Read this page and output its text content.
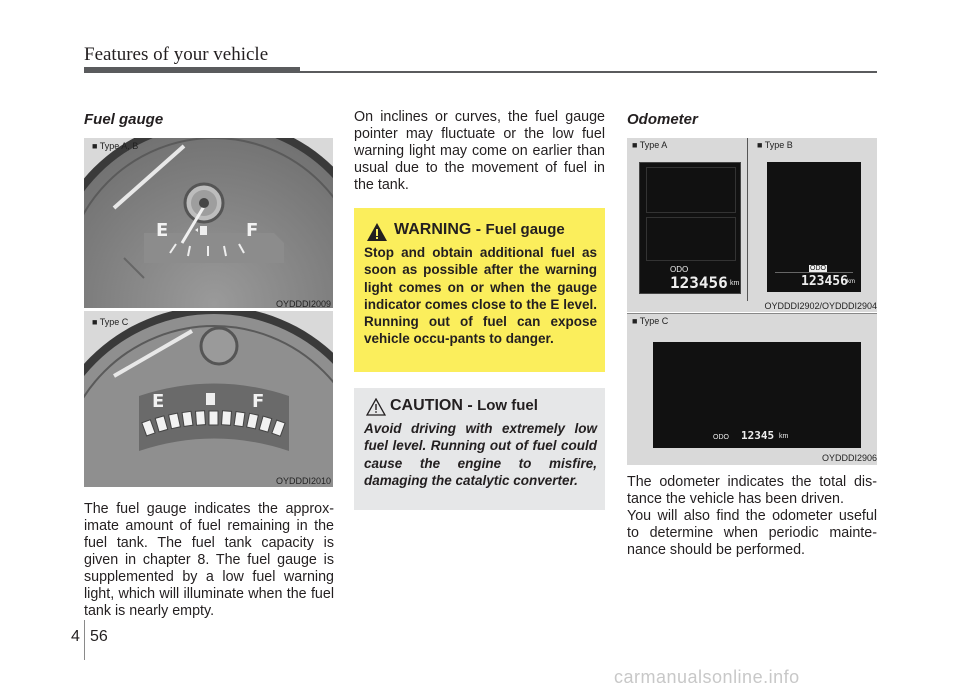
Features of your vehicle
Fuel gauge
E	F
■ Type A, B
OYDDDI2009
E	F
■ Type C
OYDDDI2010
The fuel gauge indicates the approx-imate amount of fuel remaining in the fuel tank. The fuel tank capacity is given in chapter 8. The fuel gauge is supplemented by a low fuel warning light, which will illuminate when the fuel tank is nearly empty.
On inclines or curves, the fuel gauge pointer may fluctuate or the low fuel warning light may come on earlier than usual due to the movement of fuel in the tank.
WARNING - Fuel gauge
Stop and obtain additional fuel as soon as possible after the warning light comes on or when the gauge indicator comes close to the E level. Running out of fuel can expose vehicle occu-pants to danger.
CAUTION - Low fuel
Avoid driving with extremely low fuel level. Running out of fuel could cause the engine to misfire, damaging the catalytic converter.
Odometer
■ Type A	■ Type B
ODO
123456 km
ODO
123456 km
OYDDDI2902/OYDDDI2904
■ Type C
ODO 12345 km
OYDDDI2906
The odometer indicates the total dis-tance the vehicle has been driven.
You will also find the odometer useful to determine when periodic mainte-nance should be performed.
4 56
carmanualsonline.info
